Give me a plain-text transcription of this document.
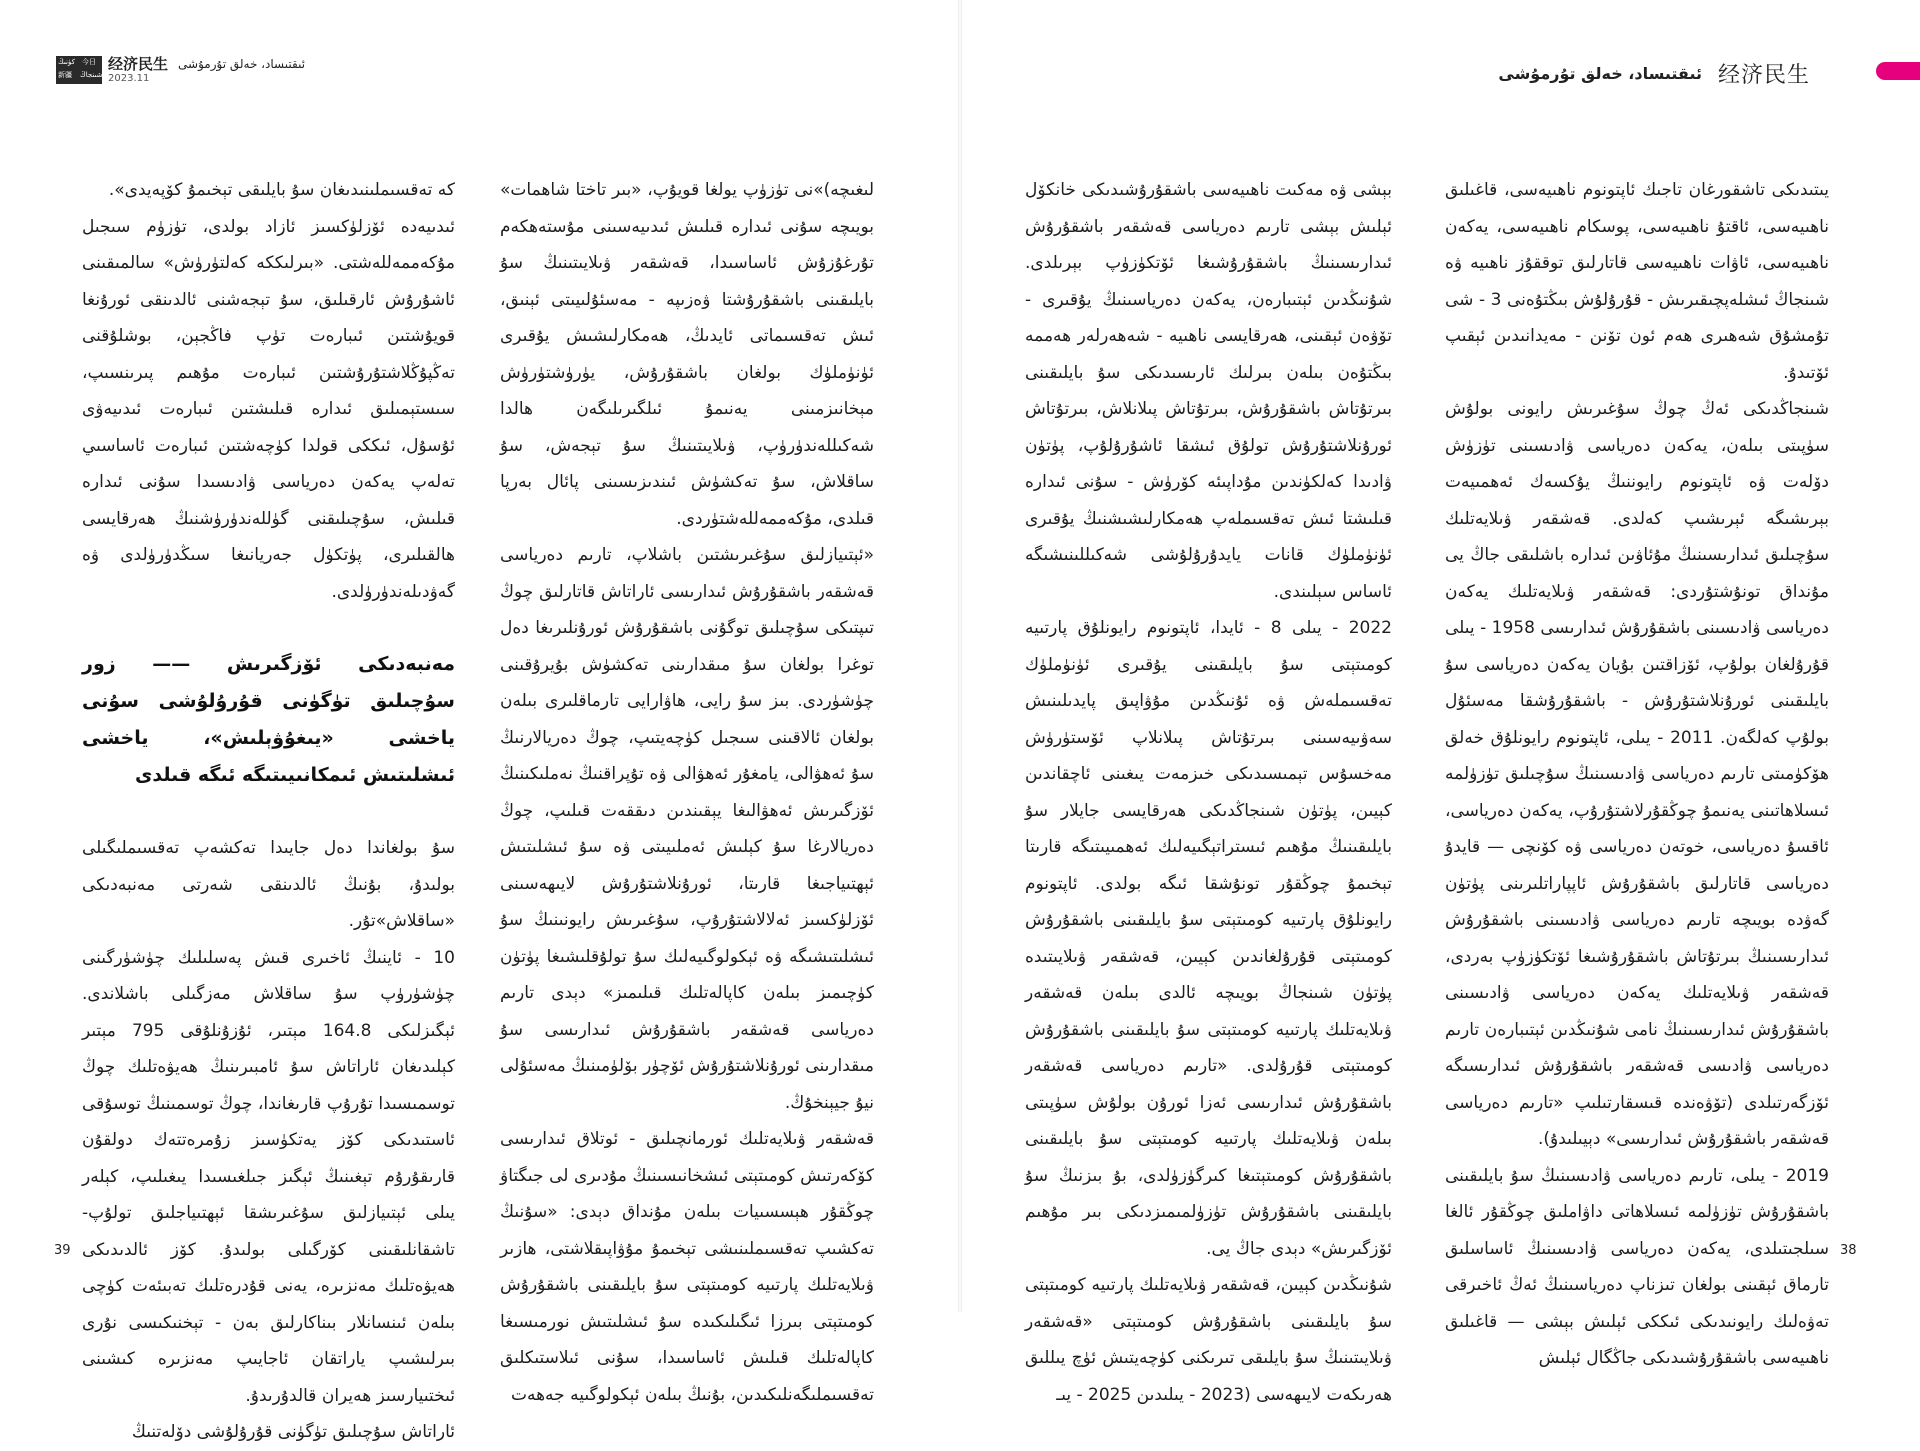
كۈنىڭ
新疆
今日
شىنجاڭ
经济民生
2023.11
ئىقتىساد، خەلق تۇرمۇشى

لىغىچە)»نى تۈزۈپ يولغا قويۇپ، «بىر تاختا شاھمات» بويىچە سۇنى ئىدارە قىلىش ئىدىيەسىنى مۇستەھكەم تۇرغۇزۇش ئاساسىدا، قەشقەر ۋىلايىتىنىڭ سۇ بايلىقىنى باشقۇرۇشتا ۋەزىپە - مەسئۇلىيىتى ئېنىق، ئىش تەقسىماتى ئايدىڭ، ھەمكارلىشىش يۇقىرى ئۈنۈملۈك بولغان باشقۇرۇش، يۈرۈشتۈرۈش مېخانىزمىنى يەنىمۇ ئىلگىرىلىگەن ھالدا شەكىللەندۈرۈپ، ۋىلايىتىنىڭ سۇ تېجەش، سۇ ساقلاش، سۇ تەكشۈش ئىندىزىسىنى پائال بەرپا قىلدى، مۇكەممەللەشتۈردى.

«ئېتىيازلىق سۇغىرىشتىن باشلاپ، تارىم دەرياسى قەشقەر باشقۇرۇش ئىدارىسى ئاراتاش قاتارلىق چوڭ تىپتىكى سۇچىلىق توگۇنى باشقۇرۇش ئورۇنلىرىغا دەل توغرا بولغان سۇ مىقدارىنى تەكشۈش بۇيرۇقىنى چۈشۈردى. بىز سۇ رايى، ھاۋارايى تارماقلىرى بىلەن بولغان ئالاقىنى سىجىل كۈچەيتىپ، چوڭ دەريالارنىڭ سۇ ئەھۋالى، يامغۇر ئەھۋالى ۋە تۇپراقنىڭ نەملىكىنىڭ ئۆزگىرىش ئەھۋالىغا يېقىندىن دىققەت قىلىپ، چوڭ دەريالارغا سۇ كېلىش ئەملىيىتى ۋە سۇ ئىشلىتىش ئېھتىياجىغا قارىتا، ئورۇنلاشتۇرۇش لايىھەسىنى ئۆزلۈكسىز ئەلالاشتۇرۇپ، سۇغىرىش رايونىنىڭ سۇ ئىشلىتىشىگە ۋە ئېكولوگىيەلىك سۇ تولۇقلىشىغا پۈتۈن كۈچىمىز بىلەن كاپالەتلىك قىلىمىز» دېدى تارىم دەرياسى قەشقەر باشقۇرۇش ئىدارىسى سۇ مىقدارىنى ئورۇنلاشتۇرۇش ئۆچۈر بۆلۈمىنىڭ مەسئۇلى نيۇ جيېنخۇڭ.

قەشقەر ۋىلايەتلىك ئورمانچىلىق - ئوتلاق ئىدارىسى كۆكەرتىش كومىتېتى ئىشخانىسىنىڭ مۇدىرى لى جىگتاۋ چوڭقۇر ھېسسىيات بىلەن مۇنداق دېدى: «سۇنىڭ تەكشىپ تەقسىملىنىشى تېخىمۇ مۇۋاپىقلاشتى، ھازىر ۋىلايەتلىك پارتىيە كومىتېتى سۇ بايلىقىنى باشقۇرۇش كومىتېتى بىرزا ئىگىلىكىدە سۇ ئىشلىتىش نورمىسىغا كاپالەتلىك قىلىش ئاساسىدا، سۇنى ئىلاستىكلىق تەقسىملىگەنلىكىدىن، بۇنىڭ بىلەن ئېكولوگىيە جەھەت

كە تەقسىملىنىدىغان سۇ بايلىقى تېخىمۇ كۆپەيدى».

ئىدىيەدە ئۆزلۈكسىز ئازاد بولدى، تۈزۈم سىجىل مۇكەممەللەشتى. «بىرلىككە كەلتۈرۈش» سالمىقىنى ئاشۇرۇش ئارقىلىق، سۇ تېجەشنى ئالدىنقى ئورۇنغا قويۇشتىن ئىبارەت تۈپ فاڭجېن، بوشلۇقنى تەڭپۇڭلاشتۇرۇشتىن ئىبارەت مۇھىم پىرىنسىپ، سىستېمىلىق ئىدارە قىلىشتىن ئىبارەت ئىدىيەۋى ئۇسۇل، ئىككى قولدا كۈچەشتىن ئىبارەت ئاساسىي تەلەپ يەكەن دەرياسى ۋادىسىدا سۇنى ئىدارە قىلىش، سۇچىلىقنى گۈللەندۈرۈشنىڭ ھەرقايسى ھالقىلىرى، پۈتكۈل جەريانىغا سىڭدۈرۈلدى ۋە گەۋدىلەندۈرۈلدى.

مەنبەدىكى ئۆزگىرىش —— زور سۇچىلىق تۈگۈنى قۇرۇلۇشى سۇنى ياخشى «يىغۇۋېلىش»، ياخشى ئىشلىتىش ئىمكانىيىتىگە ئىگە قىلدى

سۇ بولغاندا دەل جايىدا تەكشەپ تەقسىملىگىلى بولىدۇ، بۇنىڭ ئالدىنقى شەرتى مەنبەدىكى «ساقلاش»تۇر.

10 - ئاينىڭ ئاخىرى قىش پەسلىلىك چۈشۈرگىنى چۈشۈرۈپ سۇ ساقلاش مەزگىلى باشلاندى. ئېگىزلىكى 164.8 مېتىر، ئۇزۇنلۇقى 795 مېتىر كېلىدىغان ئاراتاش سۇ ئامبىرىنىڭ ھەيۋەتلىك چوڭ توسمىسىدا تۇرۇپ قارىغاندا، چوڭ توسمىنىڭ توسۇقى ئاستىدىكى كۆز يەتكۈسىز زۇمرەتتەك دولقۇن قارىقۇرۇم تېغىنىڭ ئېگىز جىلغىسىدا يىغىلىپ، كېلەر يىلى ئېتىيازلىق سۇغىرىشقا ئېھتىياجلىق تولۇپ-تاشقانلىقىنى كۆرگىلى بولىدۇ. كۆز ئالدىدىكى ھەيۋەتلىك مەنزىرە، يەنى قۇدرەتلىك تەبىئەت كۈچى بىلەن ئىنسانلار بىناكارلىق بەن - تېخنىكىسى نۇرى بىرلىشىپ ياراتقان ئاجايىپ مەنزىرە كىشىنى ئىختىيارسىز ھەيران قالدۇرىدۇ.

ئاراتاش سۇچىلىق تۈگۈنى قۇرۇلۇشى دۆلەتنىڭ

39
ئىقتىساد، خەلق تۇرمۇشى 经济民生

يىتىدىكى تاشقورغان تاجىك ئاپتونوم ناھىيەسى، قاغىلىق ناھىيەسى، ئاقتۇ ناھىيەسى، پوسكام ناھىيەسى، يەكەن ناھىيەسى، ئاۋات ناھىيەسى قاتارلىق توققۇز ناھىيە ۋە شىنجاڭ ئىشلەپچىقىرىش - قۇرۇلۇش بىڭتۇەنى 3 - شى تۇمشۇق شەھىرى ھەم ئون تۆنن - مەيدانىدىن ئېقىپ ئۆتىدۇ.

شىنجاڭدىكى ئەڭ چوڭ سۇغىرىش رايونى بولۇش سۈپىتى بىلەن، يەكەن دەرياسى ۋادىسىنى تۈزۈش دۆلەت ۋە ئاپتونوم رايوننىڭ يۇكسەك ئەھمىيەت بېرىشىگە ئېرىشىپ كەلدى. قەشقەر ۋىلايەتلىك سۇچىلىق ئىدارىسىنىڭ مۇئاۋىن ئىدارە باشلىقى جاڭ يى مۇنداق تونۇشتۇردى: قەشقەر ۋىلايەتلىك يەكەن دەرياسى ۋادىسىنى باشقۇرۇش ئىدارىسى 1958 - يىلى قۇرۇلغان بولۇپ، ئۆزاقتىن بۇيان يەكەن دەرياسى سۇ بايلىقىنى ئورۇنلاشتۇرۇش - باشقۇرۇشقا مەسئۇل بولۇپ كەلگەن. 2011 - يىلى، ئاپتونوم رايونلۇق خەلق ھۆكۈمىتى تارىم دەرياسى ۋادىسىنىڭ سۇچىلىق تۈزۈلمە ئىسلاھاتىنى يەنىمۇ چوڭقۇرلاشتۇرۇپ، يەكەن دەرياسى، ئاقسۇ دەرياسى، خوتەن دەرياسى ۋە كۆنچى — قايدۇ دەرياسى قاتارلىق باشقۇرۇش ئاپپاراتلىرىنى پۈتۈن گەۋدە بويىچە تارىم دەرياسى ۋادىسىنى باشقۇرۇش ئىدارىسىنىڭ بىرتۇتاش باشقۇرۇشىغا ئۆتكۈزۈپ بەردى، قەشقەر ۋىلايەتلىك يەكەن دەرياسى ۋادىسىنى باشقۇرۇش ئىدارىسىنىڭ نامى شۇنىڭدىن ئېتىبارەن تارىم دەرياسى ۋادىسى قەشقەر باشقۇرۇش ئىدارىسىگە ئۆزگەرتىلدى (تۆۋەندە قىسقارتىلىپ «تارىم دەرياسى قەشقەر باشقۇرۇش ئىدارىسى» دېيىلىدۇ).

2019 - يىلى، تارىم دەرياسى ۋادىسىنىڭ سۇ بايلىقىنى باشقۇرۇش تۈزۈلمە ئىسلاھاتى داۋاملىق چوڭقۇر ئالغا سىلجىتىلدى، يەكەن دەرياسى ۋادىسىنىڭ ئاساسلىق تارماق ئېقىنى بولغان تىزناپ دەرياسىنىڭ ئەڭ ئاخىرقى تەۋەلىك رايونىدىكى ئىككى ئېلىش بېشى — قاغىلىق ناھىيەسى باشقۇرۇشىدىكى جاڭگال ئېلىش

بېشى ۋە مەكىت ناھىيەسى باشقۇرۇشىدىكى خانكۆل ئېلىش بېشى تارىم دەرياسى قەشقەر باشقۇرۇش ئىدارىسىنىڭ باشقۇرۇشىغا ئۆتكۈزۈپ بېرىلدى. شۇنىڭدىن ئېتىبارەن، يەكەن دەرياسىنىڭ يۇقىرى - تۆۋەن ئېقىنى، ھەرقايسى ناھىيە - شەھەرلەر ھەممە بىڭتۇەن بىلەن بىرلىك ئارىسىدىكى سۇ بايلىقىنى بىرتۇتاش باشقۇرۇش، بىرتۇتاش پىلانلاش، بىرتۇتاش ئورۇنلاشتۇرۇش تولۇق ئىشقا ئاشۇرۇلۇپ، پۈتۈن ۋادىدا كەلكۈندىن مۇداپىئە كۆرۈش - سۇنى ئىدارە قىلىشتا ئىش تەقسىملەپ ھەمكارلىشىشنىڭ يۇقىرى ئۈنۈملۈك قانات يايدۇرۇلۇشى شەكىللىنىشىگە ئاساس سېلىندى.

2022 - يىلى 8 - ئايدا، ئاپتونوم رايونلۇق پارتىيە كومىتېتى سۇ بايلىقىنى يۇقىرى ئۈنۈملۈك تەقسىملەش ۋە ئۇنىڭدىن مۇۋاپىق پايدىلىنىش سەۋىيەسىنى بىرتۇتاش پىلانلاپ ئۆستۈرۈش مەخسۇس تېمىسىدىكى خىزمەت يىغىنى ئاچقاندىن كېيىن، پۈتۈن شىنجاڭدىكى ھەرقايسى جايلار سۇ بايلىقىنىڭ مۇھىم ئىستراتېگىيەلىك ئەھمىيىتىگە قارىتا تېخىمۇ چوڭقۇر تونۇشقا ئىگە بولدى. ئاپتونوم رايونلۇق پارتىيە كومىتېتى سۇ بايلىقىنى باشقۇرۇش كومىتېتى قۇرۇلغاندىن كېيىن، قەشقەر ۋىلايىتىدە پۈتۈن شىنجاڭ بويىچە ئالدى بىلەن قەشقەر ۋىلايەتلىك پارتىيە كومىتېتى سۇ بايلىقىنى باشقۇرۇش كومىتېتى قۇرۇلدى. «تارىم دەرياسى قەشقەر باشقۇرۇش ئىدارىسى ئەزا ئورۇن بولۇش سۈپىتى بىلەن ۋىلايەتلىك پارتىيە كومىتېتى سۇ بايلىقىنى باشقۇرۇش كومىتېتىغا كىرگۈزۈلدى، بۇ بىزنىڭ سۇ بايلىقىنى باشقۇرۇش تۈزۈلمىمىزدىكى بىر مۇھىم ئۆزگىرىش» دېدى جاڭ يى.

شۇنىڭدىن كېيىن، قەشقەر ۋىلايەتلىك پارتىيە كومىتېتى سۇ بايلىقىنى باشقۇرۇش كومىتېتى «قەشقەر ۋىلايىتىنىڭ سۇ بايلىقى تىرىكنى كۈچەيتىش ئۈچ يىللىق ھەرىكەت لايىھەسى (2023 - يىلىدىن 2025 - يىـ

38
